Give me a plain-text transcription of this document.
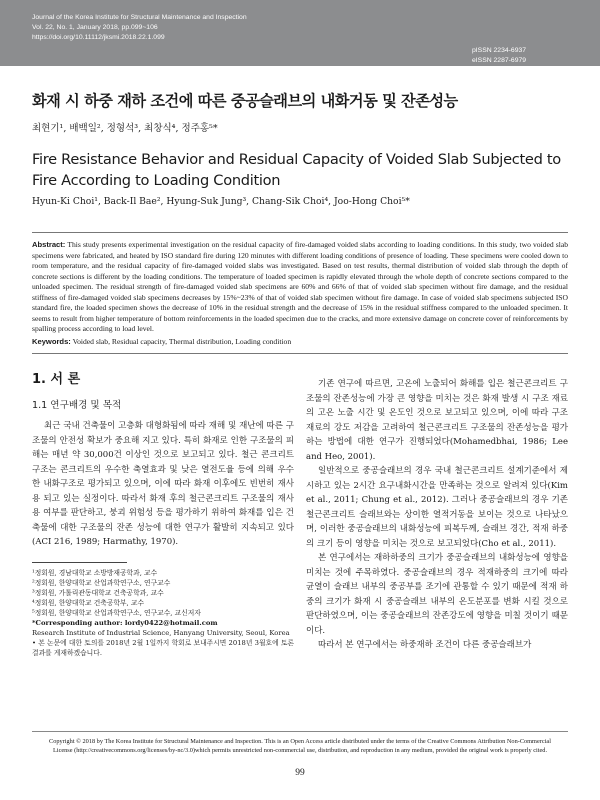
Journal of the Korea Institute for Structural Maintenance and Inspection
Vol. 22, No. 1, January 2018, pp.099~106
https://doi.org/10.11112/jksmi.2018.22.1.099
pISSN 2234-6937
eISSN 2287-6979
화재 시 하중 재하 조건에 따른 중공슬래브의 내화거동 및 잔존성능
최현기¹, 배백일², 정형석³, 최창식⁴, 정주홍⁵*
Fire Resistance Behavior and Residual Capacity of Voided Slab Subjected to Fire According to Loading Condition
Hyun-Ki Choi¹, Back-Il Bae², Hyung-Suk Jung³, Chang-Sik Choi⁴, Joo-Hong Choi⁵*
Abstract: This study presents experimental investigation on the residual capacity of fire-damaged voided slabs according to loading conditions. In this study, two voided slab specimens were fabricated, and heated by ISO standard fire during 120 minutes with different loading conditions of presence of loading. These specimens were cooled down to room temperature, and the residual capacity of fire-damaged voided slabs was investigated. Based on test results, thermal distribution of voided slab through the depth of concrete sections is different by the loading conditions. The temperature of loaded specimen is rapidly elevated through the whole depth of concrete sections compared to the unloaded specimen. The residual strength of fire-damaged voided slab specimens are 60% and 66% of that of voided slab specimen without fire damage, and the residual stiffness of fire-damaged voided slab specimens decreases by 15%~23% of that of voided slab specimen without fire damage. In case of voided slab specimens subjected ISO standard fire, the loaded specimen shows the decrease of 10% in the residual strength and the decrease of 15% in the residual stiffness compared to the unloaded specimen. It seems to result from higher temperature of bottom reinforcements in the loaded specimen due to the cracks, and more extensive damage on concrete cover of reinforcements by spalling process according to load level.
Keywords: Voided slab, Residual capacity, Thermal distribution, Loading condition
1. 서 론
1.1 연구배경 및 목적

최근 국내 건축물이 고층화 대형화됨에 따라 재해 및 재난에 따른 구조물의 안전성 확보가 중요해 지고 있다. 특히 화재로 인한 구조물의 피해는 매년 약 30,000건 이상인 것으로 보고되고 있다. 철근 콘크리트 구조는 콘크리트의 우수한 축열효과 및 낮은 열전도율 등에 의해 우수한 내화구조로 평가되고 있으며, 이에 따라 화재 이후에도 빈번히 재사용 되고 있는 실정이다. 따라서 화재 후의 철근콘크리트 구조물의 재사용 여부를 판단하고, 붕괴 위험성 등을 평가하기 위하여 화재를 입은 건축물에 대한 구조물의 잔존 성능에 대한 연구가 활발히 지속되고 있다(ACI 216, 1989; Harmathy, 1970).

¹정회원, 경남대학교 소방방재공학과, 교수
²정회원, 한양대학교 산업과학연구소, 연구교수
³정회원, 가톨릭관동대학교 건축공학과, 교수
⁴정회원, 한양대학교 건축공학부, 교수
⁵정회원, 한양대학교 산업과학연구소, 연구교수, 교신저자
*Corresponding author: lordy0422@hotmail.com
Research Institute of Industrial Science, Hanyang University, Seoul, Korea
• 본 논문에 대한 토의를 2018년 2월 1일까지 학회로 보내주시면 2018년 3월호에 토론결과를 게재하겠습니다.

기존 연구에 따르면, 고온에 노출되어 화해를 입은 철근콘크리트 구조물의 잔존성능에 가장 큰 영향을 미치는 것은 화재 발생 시 구조 재료의 고온 노출 시간 및 온도인 것으로 보고되고 있으며, 이에 따라 구조 재료의 강도 저감을 고려하여 철근콘크리트 구조물의 잔존성능을 평가하는 방법에 대한 연구가 진행되었다(Mohamedbhai, 1986; Lee and Heo, 2001).

일반적으로 중공슬래브의 경우 국내 철근콘크리트 설계기준에서 제시하고 있는 2시간 요구내화시간을 만족하는 것으로 알려져 있다(Kim et al., 2011; Chung et al., 2012). 그러나 중공슬래브의 경우 기존 철근콘크리트 슬래브와는 상이한 열적거동을 보이는 것으로 나타났으며, 이러한 중공슬래브의 내화성능에 피복두께, 슬래브 경간, 적재 하중의 크기 등이 영향을 미치는 것으로 보고되었다(Cho et al., 2011).

본 연구에서는 재하하중의 크기가 중공슬래브의 내화성능에 영향을 미치는 것에 주목하였다. 중공슬래브의 경우 적재하중의 크기에 따라 균열이 슬래브 내부의 중공부를 조기에 관통할 수 있기 때문에 적재 하중의 크기가 화재 시 중공슬래브 내부의 온도분포를 변화 시킬 것으로 판단하였으며, 이는 중공슬래브의 잔존강도에 영향을 미칠 것이기 때문이다.

따라서 본 연구에서는 하중재하 조건이 다른 중공슬래브가

Copyright © 2018 by The Korea Institute for Structural Maintenance and Inspection. This is an Open Access article distributed under the terms of the Creative Commons Attribution Non-Commercial License (http://creativecommons.org/licenses/by-nc/3.0)which permits unrestricted non-commercial use, distribution, and reproduction in any medium, provided the original work is properly cited.
99
